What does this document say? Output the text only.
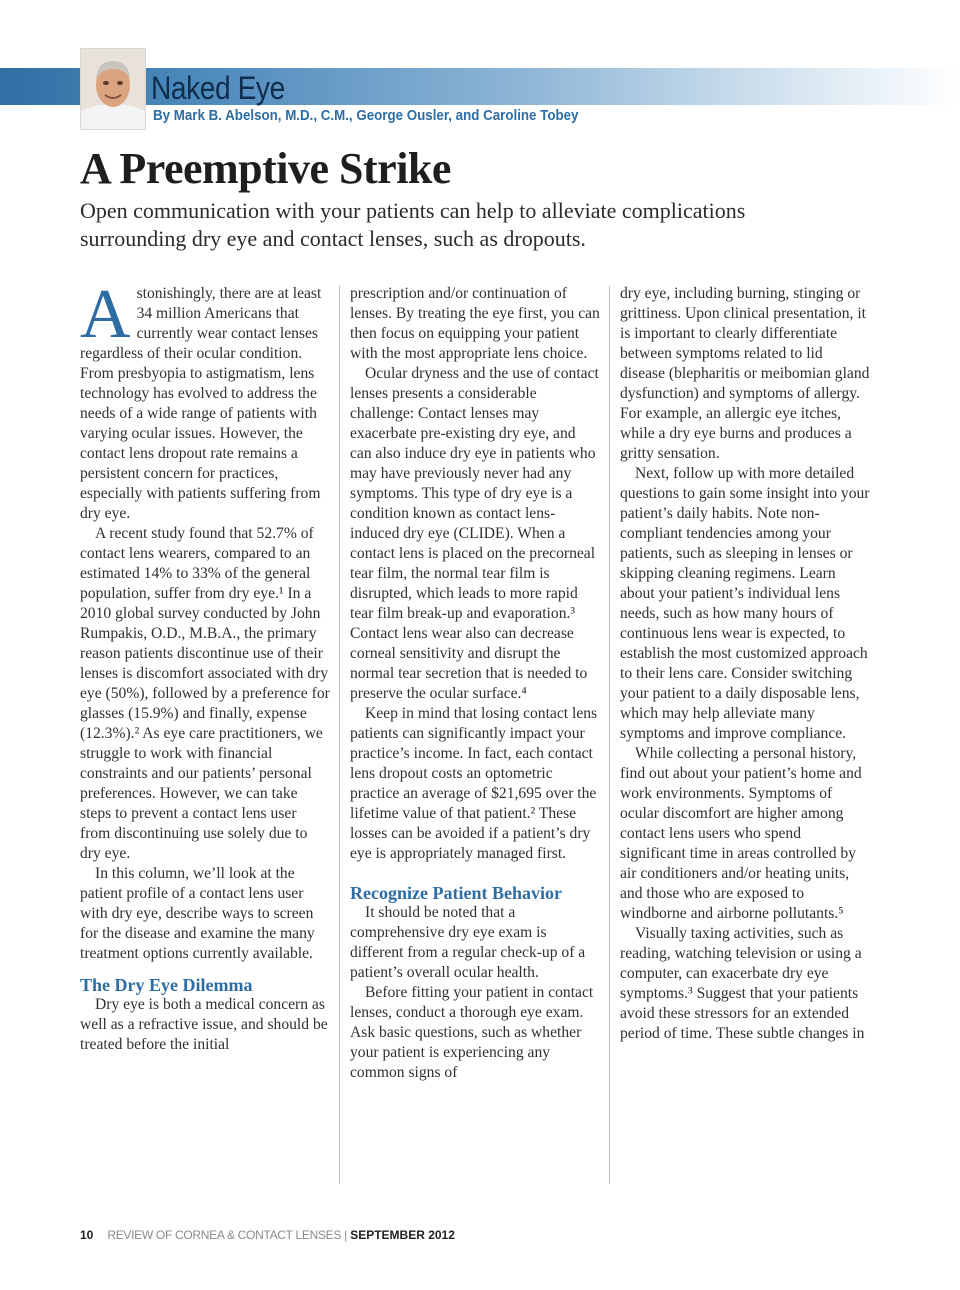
Naked Eye
By Mark B. Abelson, M.D., C.M., George Ousler, and Caroline Tobey
A Preemptive Strike

Open communication with your patients can help to alleviate complications surrounding dry eye and contact lenses, such as dropouts.

Astonishingly, there are at least 34 million Americans that currently wear contact lenses regardless of their ocular condition. From presbyopia to astigmatism, lens technology has evolved to address the needs of a wide range of patients with varying ocular issues. However, the contact lens dropout rate remains a persistent concern for practices, especially with patients suffering from dry eye.

A recent study found that 52.7% of contact lens wearers, compared to an estimated 14% to 33% of the general population, suffer from dry eye.¹ In a 2010 global survey conducted by John Rumpakis, O.D., M.B.A., the primary reason patients discontinue use of their lenses is discomfort associated with dry eye (50%), followed by a preference for glasses (15.9%) and finally, expense (12.3%).² As eye care practitioners, we struggle to work with financial constraints and our patients’ personal preferences. However, we can take steps to prevent a contact lens user from discontinuing use solely due to dry eye.

In this column, we’ll look at the patient profile of a contact lens user with dry eye, describe ways to screen for the disease and examine the many treatment options currently available.

The Dry Eye Dilemma

Dry eye is both a medical concern as well as a refractive issue, and should be treated before the initial

prescription and/or continuation of lenses. By treating the eye first, you can then focus on equipping your patient with the most appropriate lens choice.

Ocular dryness and the use of contact lenses presents a considerable challenge: Contact lenses may exacerbate pre-existing dry eye, and can also induce dry eye in patients who may have previously never had any symptoms. This type of dry eye is a condition known as contact lens-induced dry eye (CLIDE). When a contact lens is placed on the precorneal tear film, the normal tear film is disrupted, which leads to more rapid tear film break-up and evaporation.³ Contact lens wear also can decrease corneal sensitivity and disrupt the normal tear secretion that is needed to preserve the ocular surface.⁴

Keep in mind that losing contact lens patients can significantly impact your practice’s income. In fact, each contact lens dropout costs an optometric practice an average of $21,695 over the lifetime value of that patient.² These losses can be avoided if a patient’s dry eye is appropriately managed first.

Recognize Patient Behavior

It should be noted that a comprehensive dry eye exam is different from a regular check-up of a patient’s overall ocular health.

Before fitting your patient in contact lenses, conduct a thorough eye exam. Ask basic questions, such as whether your patient is experiencing any common signs of

dry eye, including burning, stinging or grittiness. Upon clinical presentation, it is important to clearly differentiate between symptoms related to lid disease (blepharitis or meibomian gland dysfunction) and symptoms of allergy. For example, an allergic eye itches, while a dry eye burns and produces a gritty sensation.

Next, follow up with more detailed questions to gain some insight into your patient’s daily habits. Note non-compliant tendencies among your patients, such as sleeping in lenses or skipping cleaning regimens. Learn about your patient’s individual lens needs, such as how many hours of continuous lens wear is expected, to establish the most customized approach to their lens care. Consider switching your patient to a daily disposable lens, which may help alleviate many symptoms and improve compliance.

While collecting a personal history, find out about your patient’s home and work environments. Symptoms of ocular discomfort are higher among contact lens users who spend significant time in areas controlled by air conditioners and/or heating units, and those who are exposed to windborne and airborne pollutants.⁵

Visually taxing activities, such as reading, watching television or using a computer, can exacerbate dry eye symptoms.³ Suggest that your patients avoid these stressors for an extended period of time. These subtle changes in

10 REVIEW OF CORNEA & CONTACT LENSES | SEPTEMBER 2012
